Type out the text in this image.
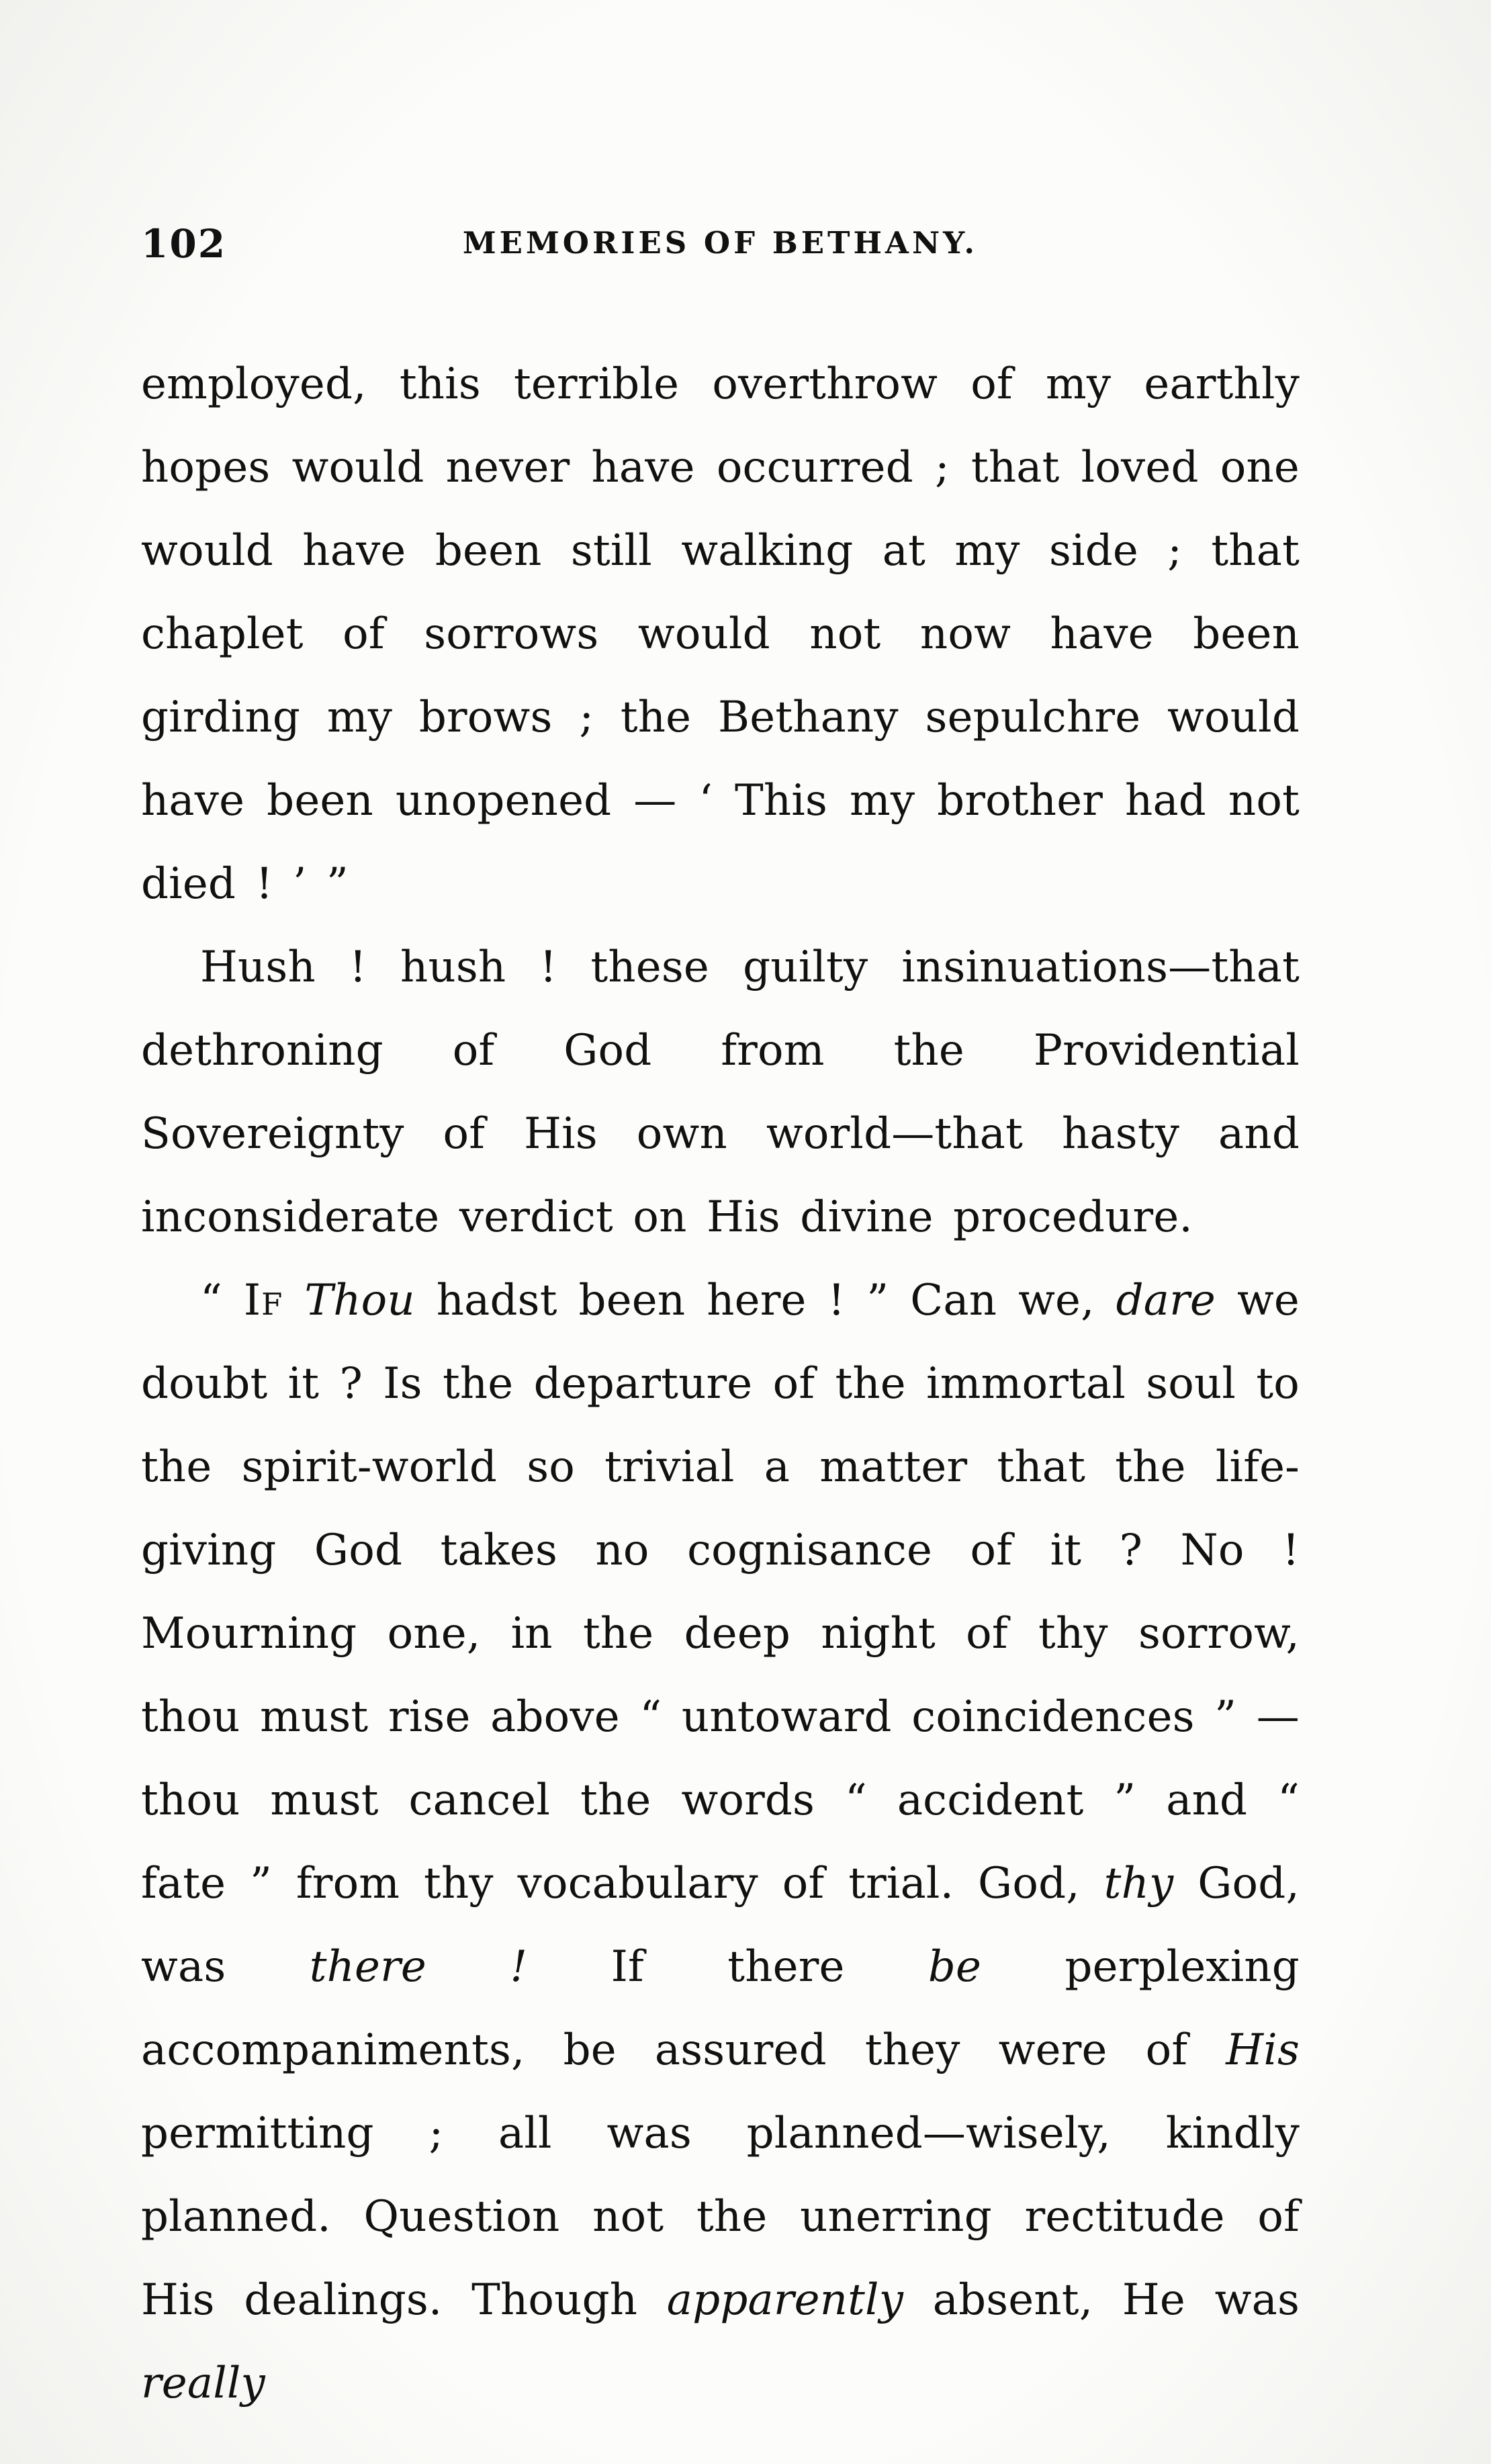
102	MEMORIES OF BETHANY.

employed, this terrible overthrow of my earthly hopes would never have occurred ; that loved one would have been still walking at my side ; that chaplet of sorrows would not now have been girding my brows ; the Bethany sepulchre would have been unopened — ‘ This my brother had not died ! ’ ”

Hush ! hush ! these guilty insinuations—that dethroning of God from the Providential Sovereignty of His own world—that hasty and inconsiderate verdict on His divine procedure.

“ If Thou hadst been here ! ” Can we, dare we doubt it ? Is the departure of the immortal soul to the spirit-world so trivial a matter that the life-giving God takes no cognisance of it ? No ! Mourning one, in the deep night of thy sorrow, thou must rise above “ untoward coincidences ” —thou must cancel the words “ accident ” and “ fate ” from thy vocabulary of trial. God, thy God, was there ! If there be perplexing accompaniments, be assured they were of His permitting ; all was planned—wisely, kindly planned. Question not the unerring rectitude of His dealings. Though apparently absent, He was really
